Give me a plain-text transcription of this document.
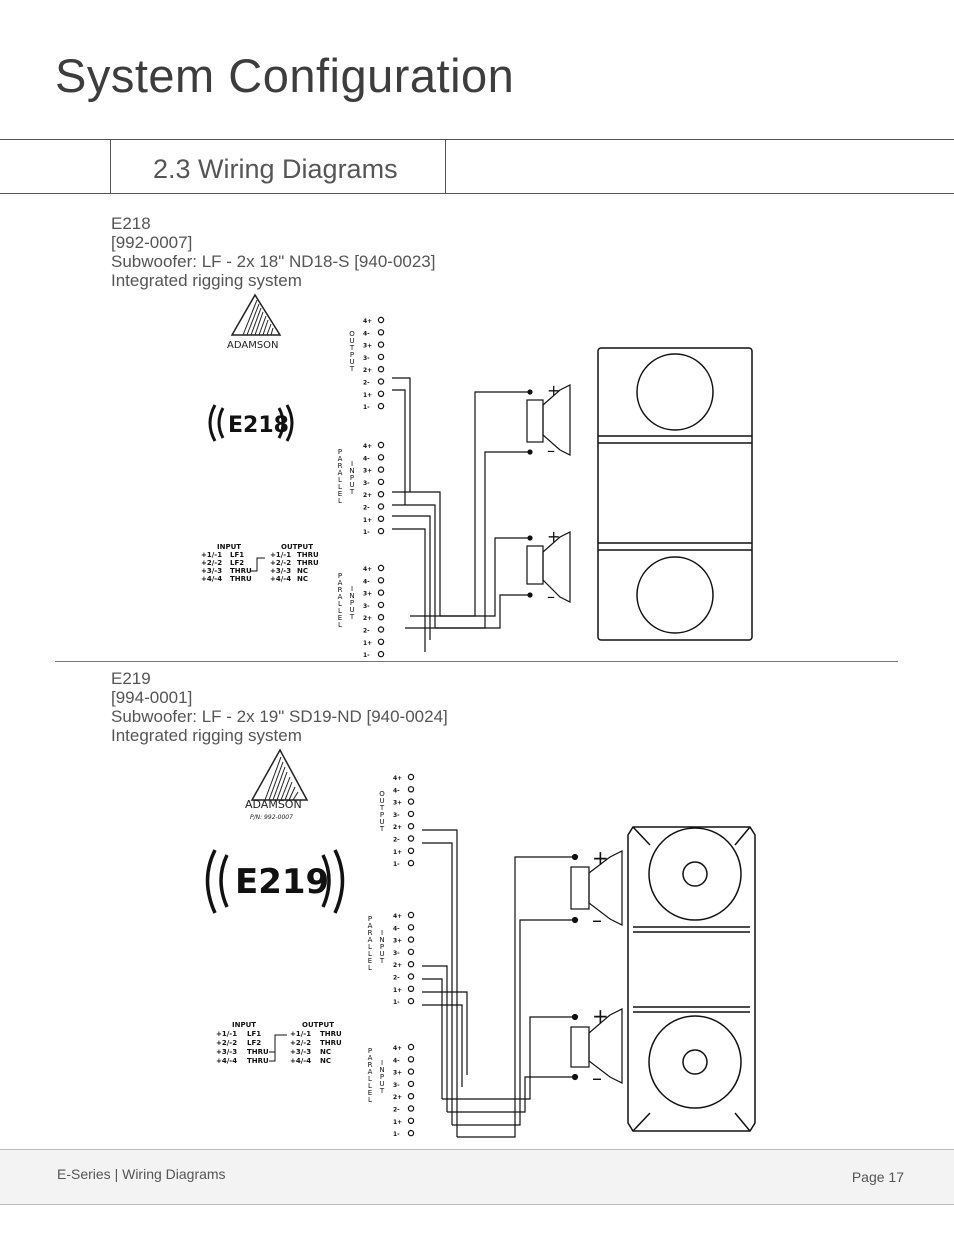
System Configuration
2.3 Wiring Diagrams
E218
[992-0007]
Subwoofer: LF - 2x 18" ND18-S [940-0023]
Integrated rigging system
ADAMSON
E218
INPUT	OUTPUT
+1/-1 LF1	+1/-1 THRU
+2/-2 LF2	+2/-2 THRU
+3/-3 THRU	+3/-3 NC
+4/-4 THRU	+4/-4 NC
4+
4-
3+
3-
2+
2-
1+
1-
OUTPUT
4+
4-
3+
3-
2+
2-
1+
1-
INPUT
PARALLEL
4+
4-
3+
3-
2+
2-
1+
1-
INPUT
PARALLEL
+
–
+
–
E219
[994-0001]
Subwoofer: LF - 2x 19" SD19-ND [940-0024]
Integrated rigging system
ADAMSON
P/N: 992-0007
E219
INPUT	OUTPUT
+1/-1 LF1	+1/-1 THRU
+2/-2 LF2	+2/-2 THRU
+3/-3 THRU	+3/-3 NC
+4/-4 THRU	+4/-4 NC
4+
4-
3+
3-
2+
2-
1+
1-
OUTPUT
4+
4-
3+
3-
2+
2-
1+
1-
INPUT
PARALLEL
4+
4-
3+
3-
2+
2-
1+
1-
INPUT
PARALLEL
+
–
+
–
E-Series | Wiring Diagrams	Page 17
